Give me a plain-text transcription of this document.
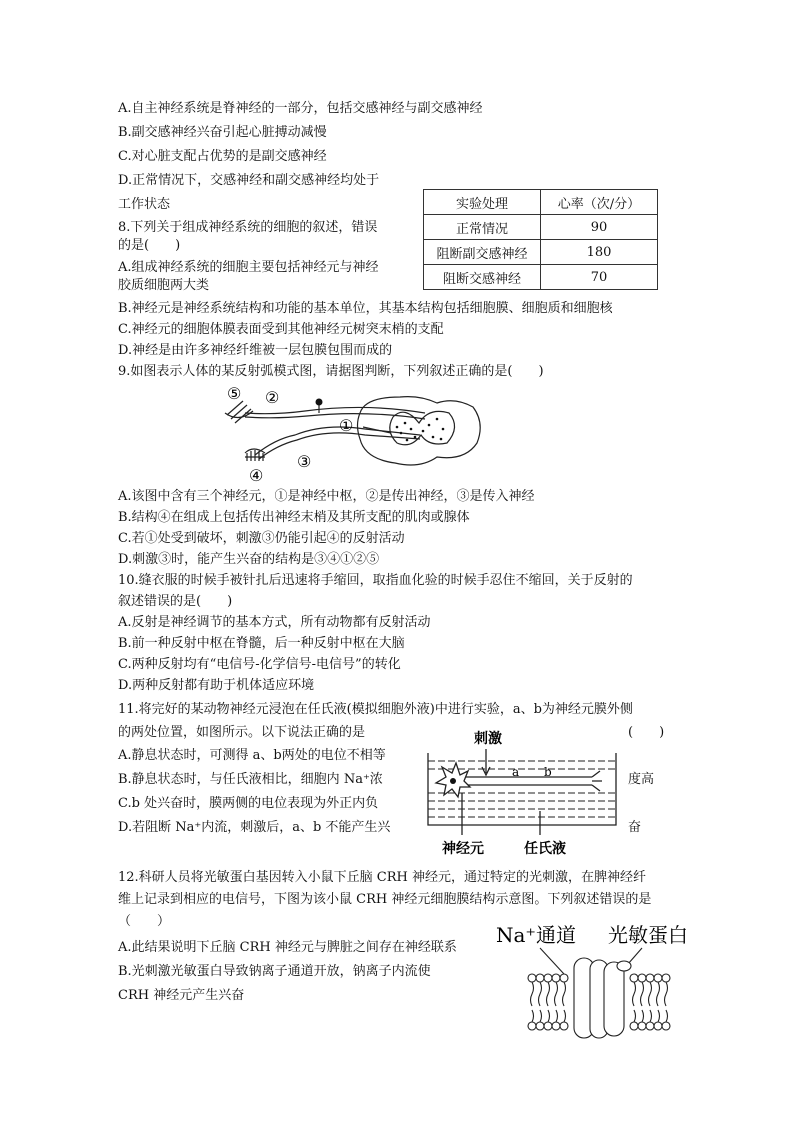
A.自主神经系统是脊神经的一部分，包括交感神经与副交感神经
B.副交感神经兴奋引起心脏搏动减慢
C.对心脏支配占优势的是副交感神经
D.正常情况下，交感神经和副交感神经均处于
工作状态	实验处理	心率（次/分）
正常情况	90
阻断副交感神经	180
阻断交感神经	70
8.下列关于组成神经系统的细胞的叙述，错误
的是(　　)
A.组成神经系统的细胞主要包括神经元与神经
胶质细胞两大类
B.神经元是神经系统结构和功能的基本单位，其基本结构包括细胞膜、细胞质和细胞核
C.神经元的细胞体膜表面受到其他神经元树突末梢的支配
D.神经是由许多神经纤维被一层包膜包围而成的
9.如图表示人体的某反射弧模式图，请据图判断，下列叙述正确的是(　　)
⑤ ②
①
③
④
A.该图中含有三个神经元，①是神经中枢，②是传出神经，③是传入神经
B.结构④在组成上包括传出神经末梢及其所支配的肌肉或腺体
C.若①处受到破坏，刺激③仍能引起④的反射活动
D.刺激③时，能产生兴奋的结构是③④①②⑤
10.缝衣服的时候手被针扎后迅速将手缩回，取指血化验的时候手忍住不缩回，关于反射的
叙述错误的是(　　)
A.反射是神经调节的基本方式，所有动物都有反射活动
B.前一种反射中枢在脊髓，后一种反射中枢在大脑
C.两种反射均有“电信号-化学信号-电信号”的转化
D.两种反射都有助于机体适应环境
11.将完好的某动物神经元浸泡在任氏液(模拟细胞外液)中进行实验，a、b为神经元膜外侧
的两处位置，如图所示。以下说法正确的是	(　　)
A.静息状态时，可测得 a、b两处的电位不相等
B.静息状态时，与任氏液相比，细胞内 Na⁺浓	度高
C.b 处兴奋时，膜两侧的电位表现为外正内负
D.若阻断 Na⁺内流，刺激后，a、b 不能产生兴	奋
刺激
a b
神经元	任氏液
12.科研人员将光敏蛋白基因转入小鼠下丘脑 CRH 神经元，通过特定的光刺激，在脾神经纤
维上记录到相应的电信号，下图为该小鼠 CRH 神经元细胞膜结构示意图。下列叙述错误的是
（　　）
A.此结果说明下丘脑 CRH 神经元与脾脏之间存在神经联系
B.光刺激光敏蛋白导致钠离子通道开放，钠离子内流使
CRH 神经元产生兴奋
Na⁺通道 光敏蛋白
